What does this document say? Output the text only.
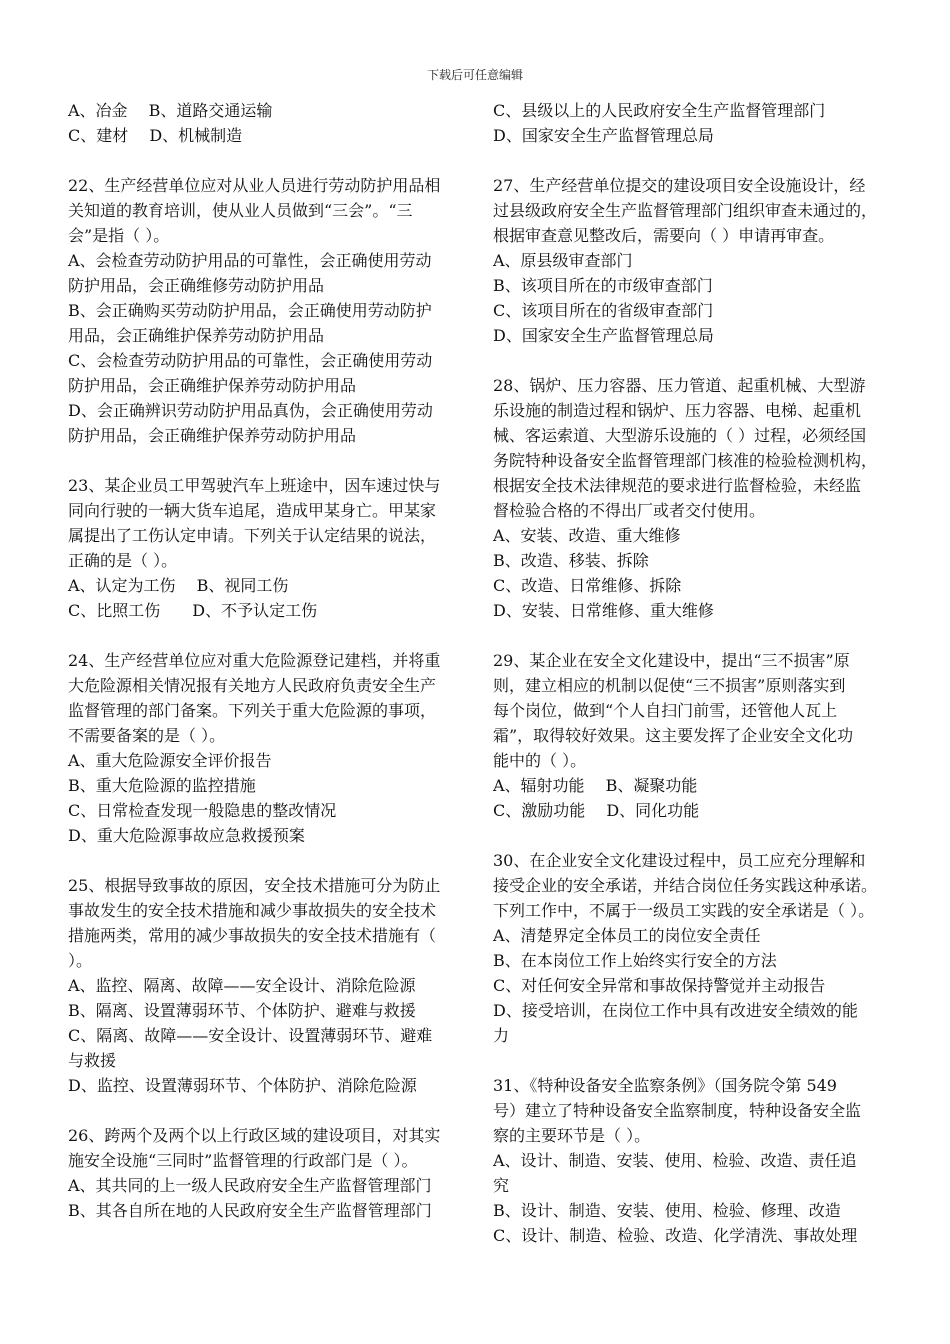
下载后可任意编辑
A、冶金　 B、道路交通运输
C、建材　 D、机械制造
22、生产经营单位应对从业人员进行劳动防护用品相
关知道的教育培训，使从业人员做到“三会”。“三
会”是指（ ）。
A、会检查劳动防护用品的可靠性，会正确使用劳动
防护用品，会正确维修劳动防护用品
B、会正确购买劳动防护用品，会正确使用劳动防护
用品，会正确维护保养劳动防护用品
C、会检查劳动防护用品的可靠性，会正确使用劳动
防护用品，会正确维护保养劳动防护用品
D、会正确辨识劳动防护用品真伪，会正确使用劳动
防护用品，会正确维护保养劳动防护用品
23、某企业员工甲驾驶汽车上班途中，因车速过快与
同向行驶的一辆大货车追尾，造成甲某身亡。甲某家
属提出了工伤认定申请。下列关于认定结果的说法，
正确的是（ ）。
A、认定为工伤　 B、视同工伤
C、比照工伤　　D、不予认定工伤
24、生产经营单位应对重大危险源登记建档，并将重
大危险源相关情况报有关地方人民政府负责安全生产
监督管理的部门备案。下列关于重大危险源的事项，
不需要备案的是（ ）。
A、重大危险源安全评价报告
B、重大危险源的监控措施
C、日常检查发现一般隐患的整改情况
D、重大危险源事故应急救援预案
25、根据导致事故的原因，安全技术措施可分为防止
事故发生的安全技术措施和减少事故损失的安全技术
措施两类，常用的减少事故损失的安全技术措施有（
）。
A、监控、隔离、故障——安全设计、消除危险源
B、隔离、设置薄弱环节、个体防护、避难与救援
C、隔离、故障——安全设计、设置薄弱环节、避难
与救援
D、监控、设置薄弱环节、个体防护、消除危险源
26、跨两个及两个以上行政区域的建设项目，对其实
施安全设施“三同时”监督管理的行政部门是（ ）。
A、其共同的上一级人民政府安全生产监督管理部门
B、其各自所在地的人民政府安全生产监督管理部门
C、县级以上的人民政府安全生产监督管理部门
D、国家安全生产监督管理总局
27、生产经营单位提交的建设项目安全设施设计，经
过县级政府安全生产监督管理部门组织审查未通过的，
根据审查意见整改后，需要向（ ）申请再审查。
A、原县级审查部门
B、该项目所在的市级审查部门
C、该项目所在的省级审查部门
D、国家安全生产监督管理总局
28、锅炉、压力容器、压力管道、起重机械、大型游
乐设施的制造过程和锅炉、压力容器、电梯、起重机
械、客运索道、大型游乐设施的（ ）过程，必须经国
务院特种设备安全监督管理部门核准的检验检测机构，
根据安全技术法律规范的要求进行监督检验，未经监
督检验合格的不得出厂或者交付使用。
A、安装、改造、重大维修
B、改造、移装、拆除
C、改造、日常维修、拆除
D、安装、日常维修、重大维修
29、某企业在安全文化建设中，提出“三不损害”原
则，建立相应的机制以促使“三不损害”原则落实到
每个岗位，做到“个人自扫门前雪，还管他人瓦上
霜”，取得较好效果。这主要发挥了企业安全文化功
能中的（ ）。
A、辐射功能　 B、凝聚功能
C、激励功能　 D、同化功能
30、在企业安全文化建设过程中，员工应充分理解和
接受企业的安全承诺，并结合岗位任务实践这种承诺。
下列工作中，不属于一级员工实践的安全承诺是（ ）。
A、清楚界定全体员工的岗位安全责任
B、在本岗位工作上始终实行安全的方法
C、对任何安全异常和事故保持警觉并主动报告
D、接受培训，在岗位工作中具有改进安全绩效的能
力
31、《特种设备安全监察条例》（国务院令第 549
号）建立了特种设备安全监察制度，特种设备安全监
察的主要环节是（ ）。
A、设计、制造、安装、使用、检验、改造、责任追
究
B、设计、制造、安装、使用、检验、修理、改造
C、设计、制造、检验、改造、化学清洗、事故处理
